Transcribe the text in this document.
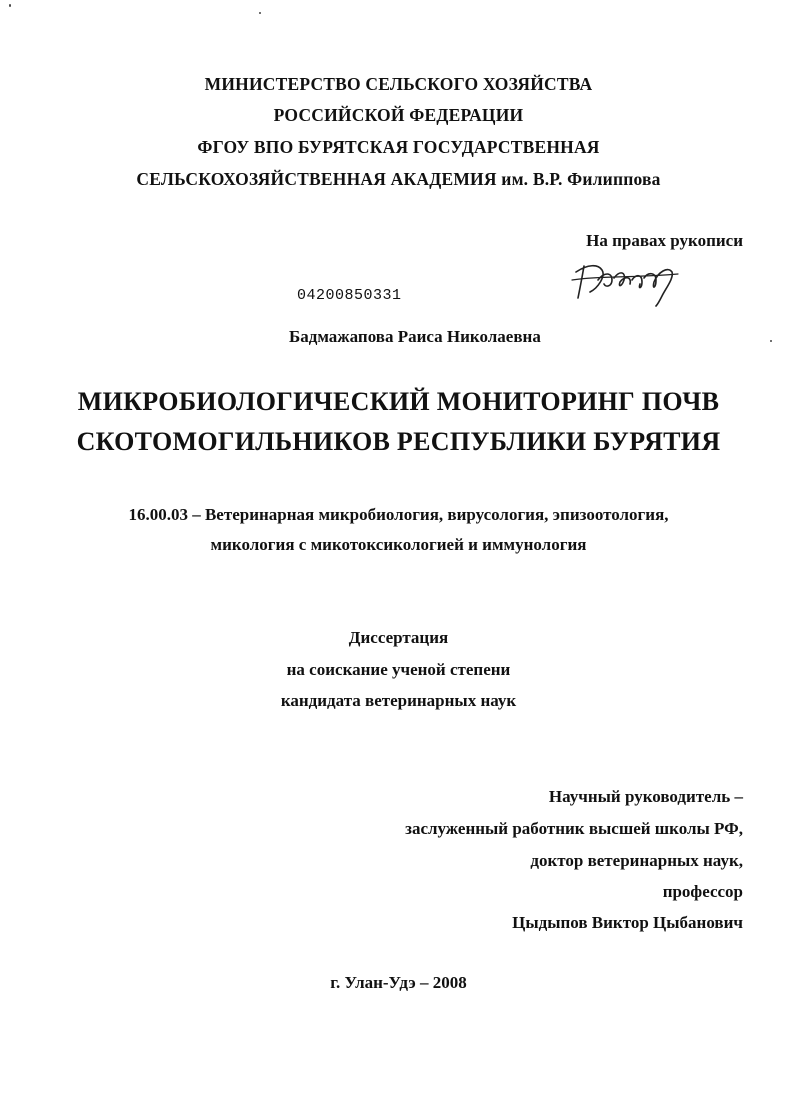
МИНИСТЕРСТВО СЕЛЬСКОГО ХОЗЯЙСТВА
РОССИЙСКОЙ ФЕДЕРАЦИИ
ФГОУ ВПО БУРЯТСКАЯ ГОСУДАРСТВЕННАЯ
СЕЛЬСКОХОЗЯЙСТВЕННАЯ АКАДЕМИЯ им. В.Р. Филиппова
На правах рукописи
04200850331
Бадмажапова Раиса Николаевна
МИКРОБИОЛОГИЧЕСКИЙ МОНИТОРИНГ ПОЧВ
СКОТОМОГИЛЬНИКОВ РЕСПУБЛИКИ БУРЯТИЯ
16.00.03 – Ветеринарная микробиология, вирусология, эпизоотология,
микология с микотоксикологией и иммунология
Диссертация
на соискание ученой степени
кандидата ветеринарных наук
Научный руководитель –
заслуженный работник высшей школы РФ,
доктор ветеринарных наук,
профессор
Цыдыпов Виктор Цыбанович
г. Улан-Удэ – 2008
